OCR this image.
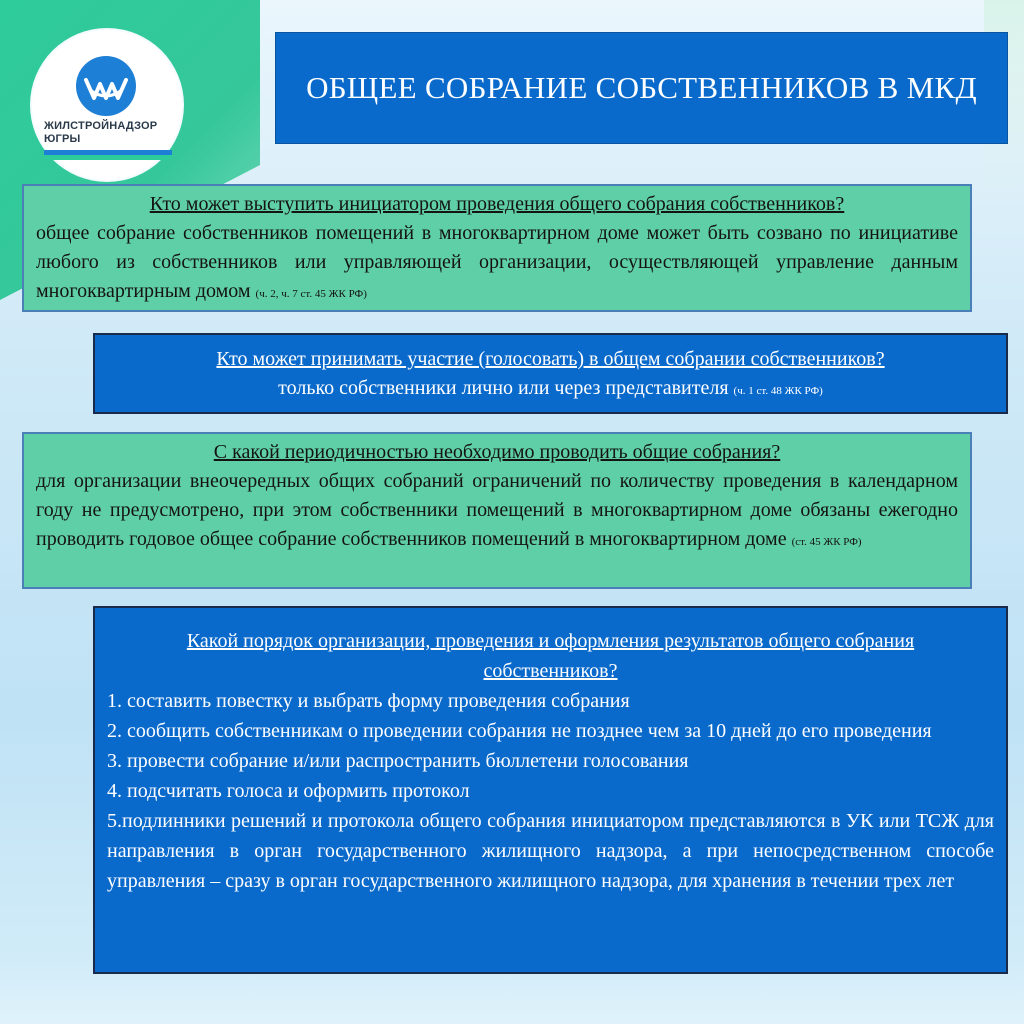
ЖИЛСТРОЙНАДЗОР
ЮГРЫ
ОБЩЕЕ СОБРАНИЕ СОБСТВЕННИКОВ В МКД
Кто может выступить инициатором проведения общего собрания собственников?
общее собрание собственников помещений в многоквартирном доме может быть созвано по инициативе любого из собственников или управляющей организации, осуществляющей управление данным многоквартирным домом (ч. 2, ч. 7 ст. 45 ЖК РФ)
Кто может принимать участие (голосовать) в общем собрании собственников?
только собственники лично или через представителя (ч. 1 ст. 48 ЖК РФ)
С какой периодичностью необходимо проводить общие собрания?
для организации внеочередных общих собраний ограничений по количеству проведения в календарном году не предусмотрено, при этом собственники помещений в многоквартирном доме обязаны ежегодно проводить годовое общее собрание собственников помещений в многоквартирном доме (ст. 45 ЖК РФ)
Какой порядок организации, проведения и оформления результатов общего собрания собственников?
1. составить повестку и выбрать форму проведения собрания
2. сообщить собственникам о проведении собрания не позднее чем за 10 дней до его проведения
3. провести собрание и/или распространить бюллетени голосования
4. подсчитать голоса и оформить протокол
5.подлинники решений и протокола общего собрания инициатором представляются в УК или ТСЖ для направления в орган государственного жилищного надзора, а при непосредственном способе управления – сразу в орган государственного жилищного надзора, для хранения в течении трех лет
